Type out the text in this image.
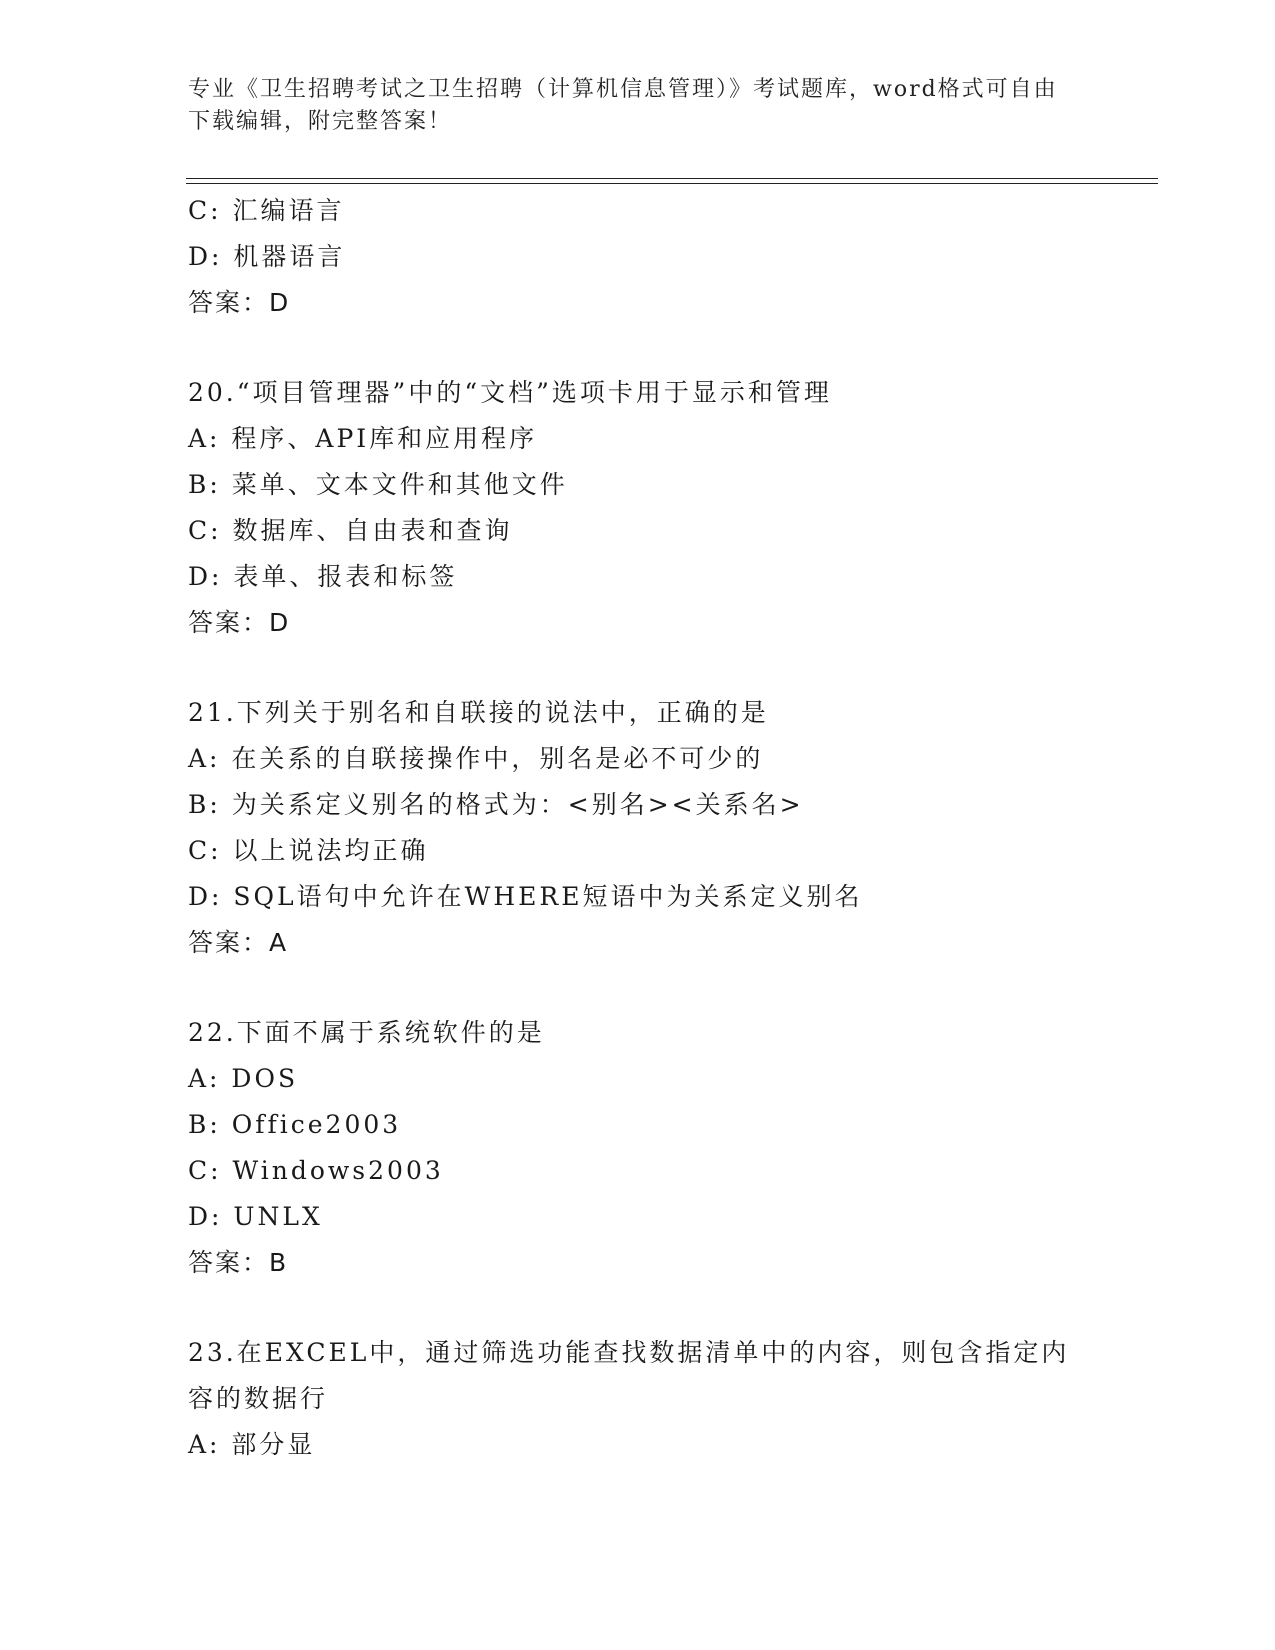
专业《卫生招聘考试之卫生招聘（计算机信息管理）》考试题库，word格式可自由下载编辑，附完整答案！
C: 汇编语言
D: 机器语言
答案：D
20.“项目管理器”中的“文档”选项卡用于显示和管理
A: 程序、API库和应用程序
B: 菜单、文本文件和其他文件
C: 数据库、自由表和查询
D: 表单、报表和标签
答案：D
21.下列关于别名和自联接的说法中，正确的是
A: 在关系的自联接操作中，别名是必不可少的
B: 为关系定义别名的格式为：<别名><关系名>
C: 以上说法均正确
D: SQL语句中允许在WHERE短语中为关系定义别名
答案：A
22.下面不属于系统软件的是
A: DOS
B: Office2003
C: Windows2003
D: UNLX
答案：B
23.在EXCEL中，通过筛选功能查找数据清单中的内容，则包含指定内容的数据行
A: 部分显
